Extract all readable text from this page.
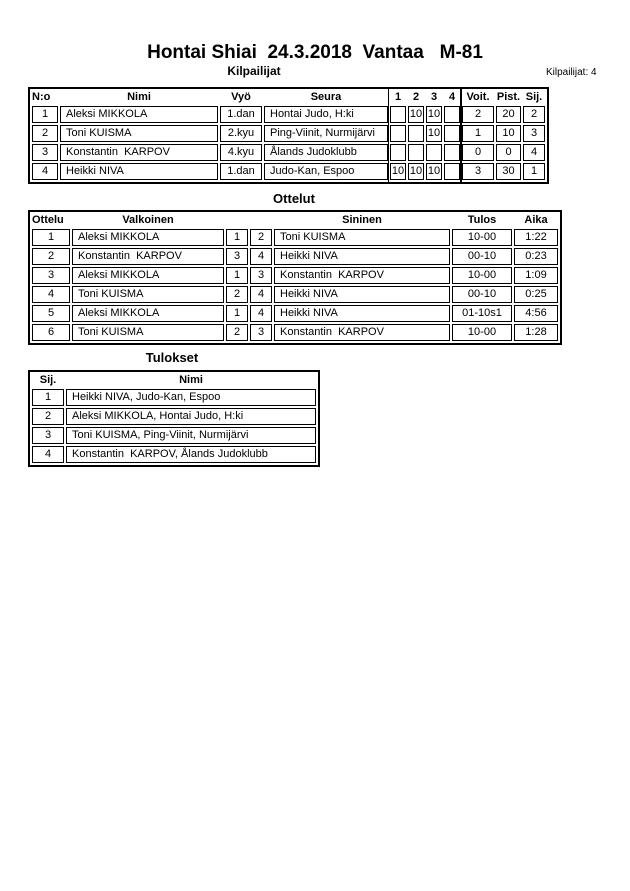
Hontai Shiai  24.3.2018  Vantaa   M-81
Kilpailijat	Kilpailijat: 4
N:o	Nimi	Vyö	Seura	1	2	3	4	Voit.	Pist.	Sij.
1	Aleksi MIKKOLA	1.dan	Hontai Judo, H:ki		10	10		2	20	2
2	Toni KUISMA	2.kyu	Ping-Viinit, Nurmijärvi			10		1	10	3
3	Konstantin  KARPOV	4.kyu	Ålands Judoklubb					0	0	4
4	Heikki NIVA	1.dan	Judo-Kan, Espoo	10	10	10		3	30	1
Ottelut
Ottelu	Valkoinen			Sininen	Tulos	Aika
1	Aleksi MIKKOLA	1	2	Toni KUISMA	10-00	1:22
2	Konstantin  KARPOV	3	4	Heikki NIVA	00-10	0:23
3	Aleksi MIKKOLA	1	3	Konstantin  KARPOV	10-00	1:09
4	Toni KUISMA	2	4	Heikki NIVA	00-10	0:25
5	Aleksi MIKKOLA	1	4	Heikki NIVA	01-10s1	4:56
6	Toni KUISMA	2	3	Konstantin  KARPOV	10-00	1:28
Tulokset
Sij.	Nimi
1	Heikki NIVA, Judo-Kan, Espoo
2	Aleksi MIKKOLA, Hontai Judo, H:ki
3	Toni KUISMA, Ping-Viinit, Nurmijärvi
4	Konstantin  KARPOV, Ålands Judoklubb
